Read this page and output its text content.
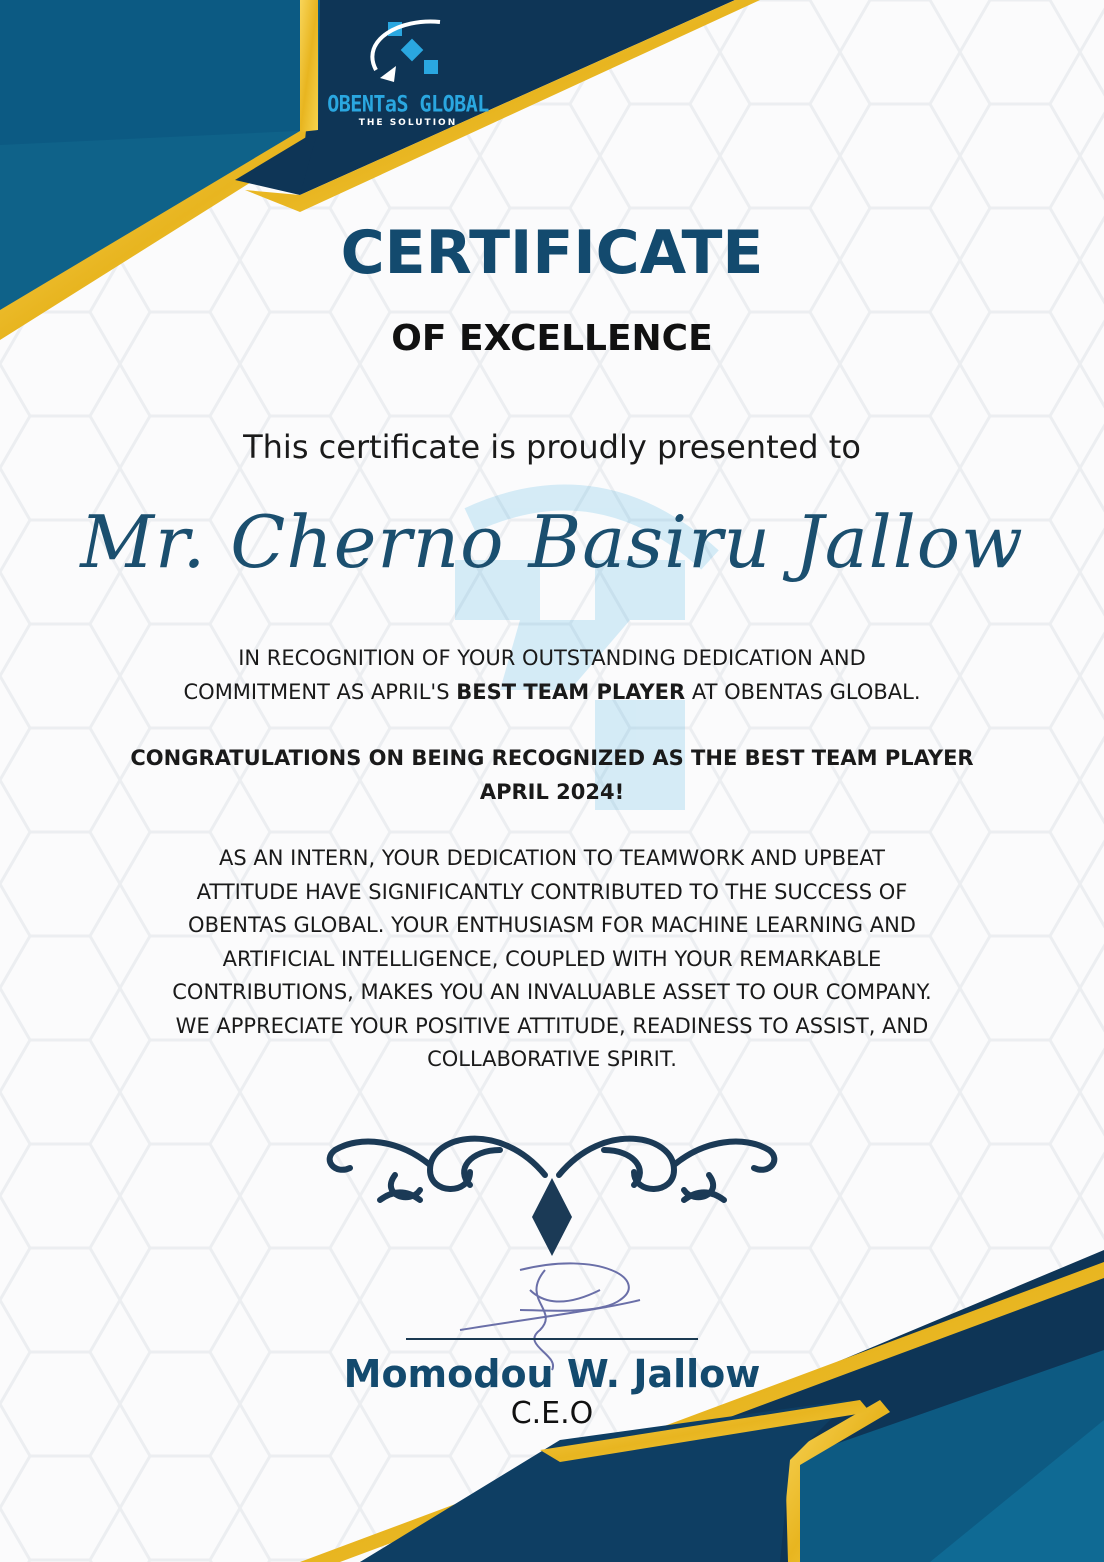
OBENTaS GLOBAL
THE SOLUTION
CERTIFICATE
OF EXCELLENCE
This certificate is proudly presented to
Mr. Cherno Basiru Jallow
IN RECOGNITION OF YOUR OUTSTANDING DEDICATION AND
COMMITMENT AS APRIL'S BEST TEAM PLAYER AT OBENTAS GLOBAL.
CONGRATULATIONS ON BEING RECOGNIZED AS THE BEST TEAM PLAYER
APRIL 2024!
AS AN INTERN, YOUR DEDICATION TO TEAMWORK AND UPBEAT
ATTITUDE HAVE SIGNIFICANTLY CONTRIBUTED TO THE SUCCESS OF
OBENTAS GLOBAL. YOUR ENTHUSIASM FOR MACHINE LEARNING AND
ARTIFICIAL INTELLIGENCE, COUPLED WITH YOUR REMARKABLE
CONTRIBUTIONS, MAKES YOU AN INVALUABLE ASSET TO OUR COMPANY.
WE APPRECIATE YOUR POSITIVE ATTITUDE, READINESS TO ASSIST, AND
COLLABORATIVE SPIRIT.
Momodou W. Jallow
C.E.O
